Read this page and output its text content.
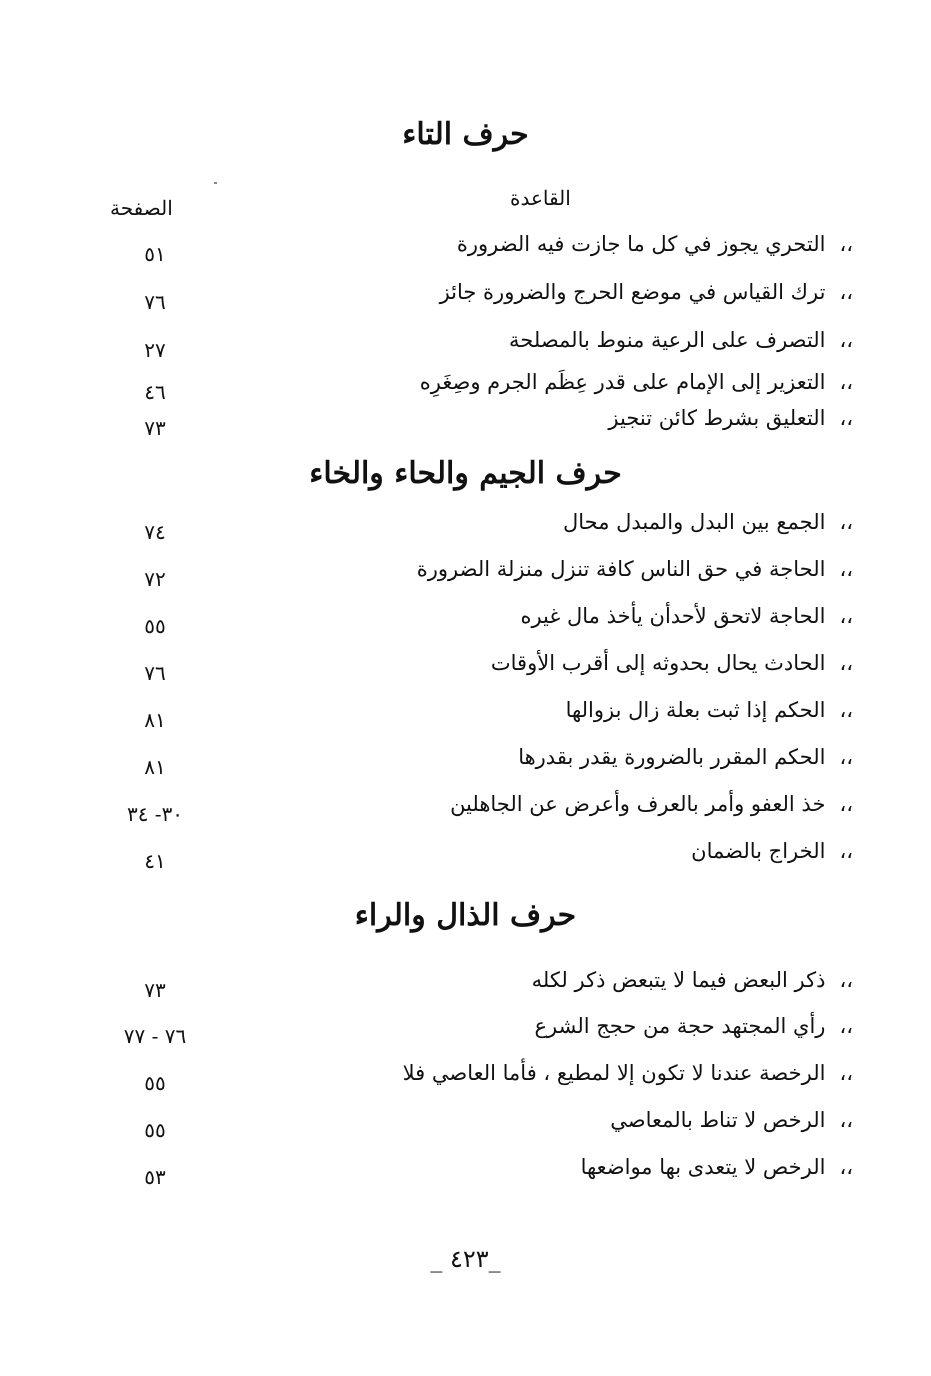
حرف التاء
القاعدة
الصفحة
،،التحري يجوز في كل ما جازت فيه الضرورة
٥١
،،ترك القياس في موضع الحرج والضرورة جائز
٧٦
،،التصرف على الرعية منوط بالمصلحة
٢٧
،،التعزير إلى الإمام على قدر عِظَم الجرم وصِغَرِه
٤٦
،،التعليق بشرط كائن تنجيز
٧٣
حرف الجيم والحاء والخاء
،،الجمع بين البدل والمبدل محال
٧٤
،،الحاجة في حق الناس كافة تنزل منزلة الضرورة
٧٢
،،الحاجة لاتحق لأحدأن يأخذ مال غيره
٥٥
،،الحادث يحال بحدوثه إلى أقرب الأوقات
٧٦
،،الحكم إذا ثبت بعلة زال بزوالها
٨١
،،الحكم المقرر بالضرورة يقدر بقدرها
٨١
،،خذ العفو وأمر بالعرف وأعرض عن الجاهلين
٣٠- ٣٤
،،الخراج بالضمان
٤١
حرف الذال والراء
،،ذكر البعض فيما لا يتبعض ذكر لكله
٧٣
،،رأي المجتهد حجة من حجج الشرع
٧٦ - ٧٧
،،الرخصة عندنا لا تكون إلا لمطيع ، فأما العاصي فلا
٥٥
،،الرخص لا تناط بالمعاصي
٥٥
،،الرخص لا يتعدى بها مواضعها
٥٣
_ ٤٢٣_
